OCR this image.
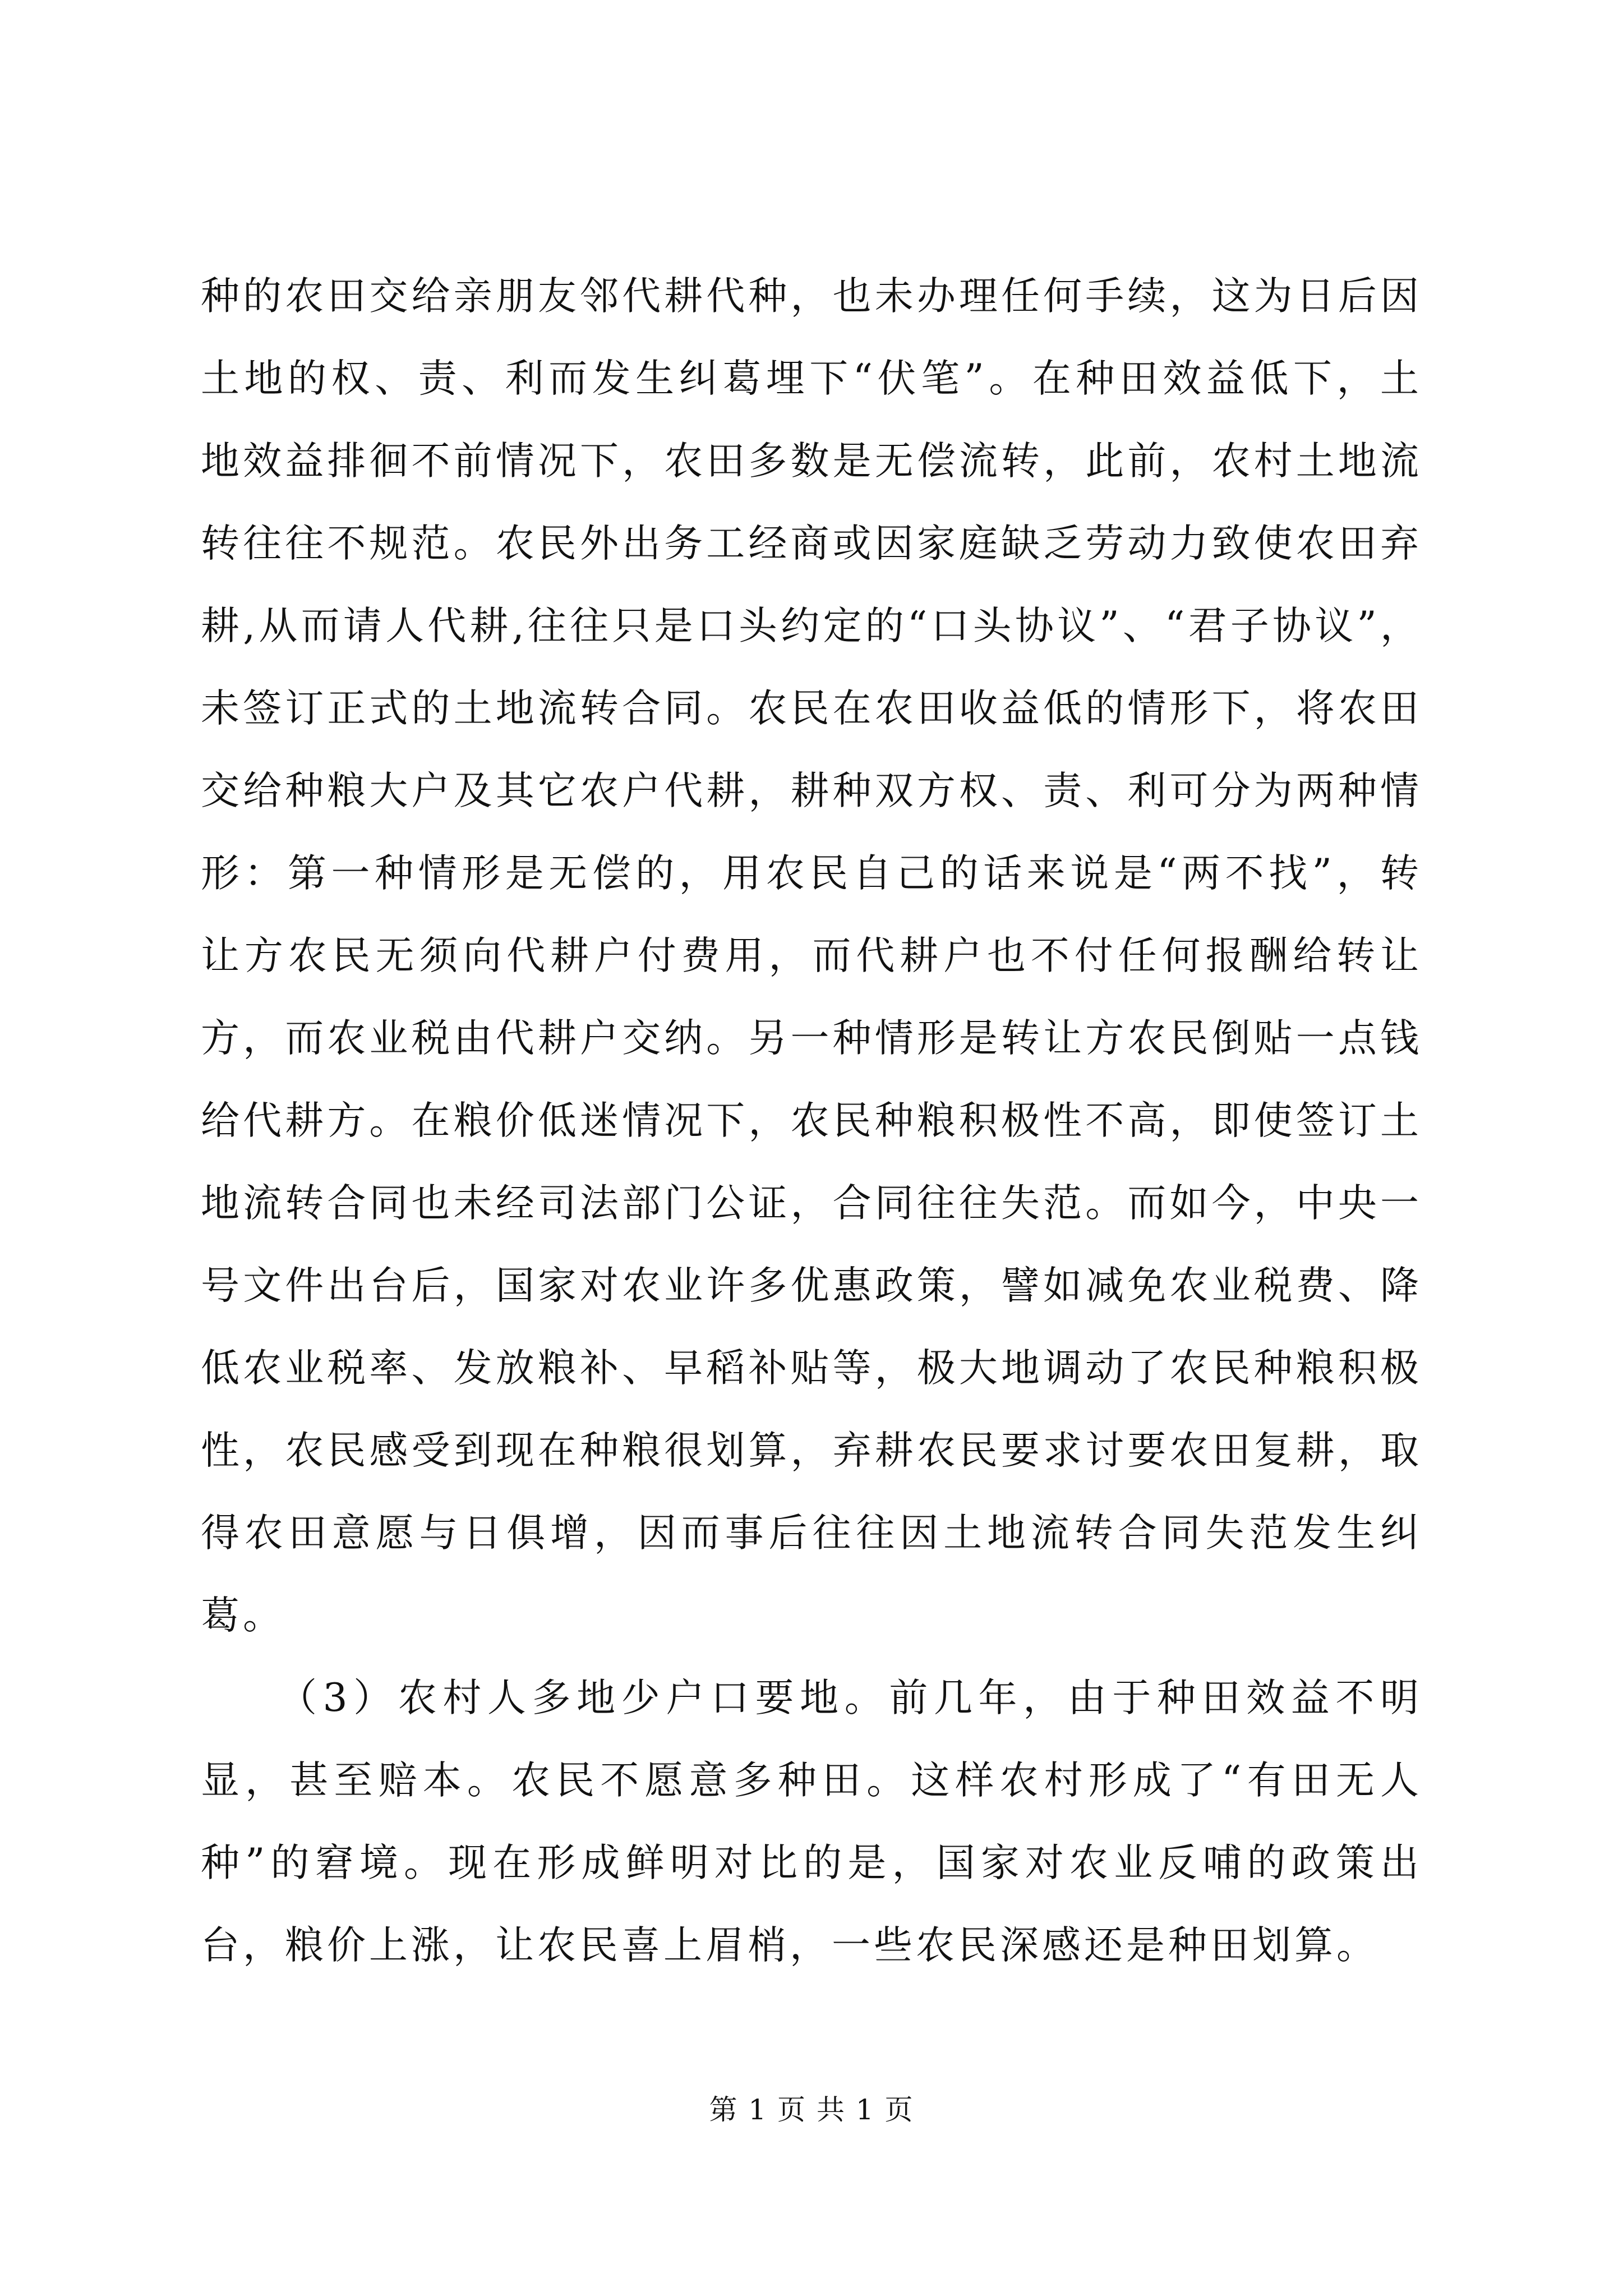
种的农田交给亲朋友邻代耕代种，也未办理任何手续，这为日后因土地的权、责、利而发生纠葛埋下“伏笔”。在种田效益低下，土地效益排徊不前情况下，农田多数是无偿流转，此前，农村土地流转往往不规范。农民外出务工经商或因家庭缺乏劳动力致使农田弃耕,从而请人代耕,往往只是口头约定的“口头协议”、“君子协议”，未签订正式的土地流转合同。农民在农田收益低的情形下，将农田交给种粮大户及其它农户代耕，耕种双方权、责、利可分为两种情形：第一种情形是无偿的，用农民自己的话来说是“两不找”，转让方农民无须向代耕户付费用，而代耕户也不付任何报酬给转让方，而农业税由代耕户交纳。另一种情形是转让方农民倒贴一点钱给代耕方。在粮价低迷情况下，农民种粮积极性不高，即使签订土地流转合同也未经司法部门公证，合同往往失范。而如今，中央一号文件出台后，国家对农业许多优惠政策，譬如减免农业税费、降低农业税率、发放粮补、早稻补贴等，极大地调动了农民种粮积极性，农民感受到现在种粮很划算，弃耕农民要求讨要农田复耕，取得农田意愿与日俱增，因而事后往往因土地流转合同失范发生纠葛。

（3）农村人多地少户口要地。前几年，由于种田效益不明显，甚至赔本。农民不愿意多种田。这样农村形成了“有田无人种”的窘境。现在形成鲜明对比的是，国家对农业反哺的政策出台，粮价上涨，让农民喜上眉梢，一些农民深感还是种田划算。

第 1 页 共 1 页
